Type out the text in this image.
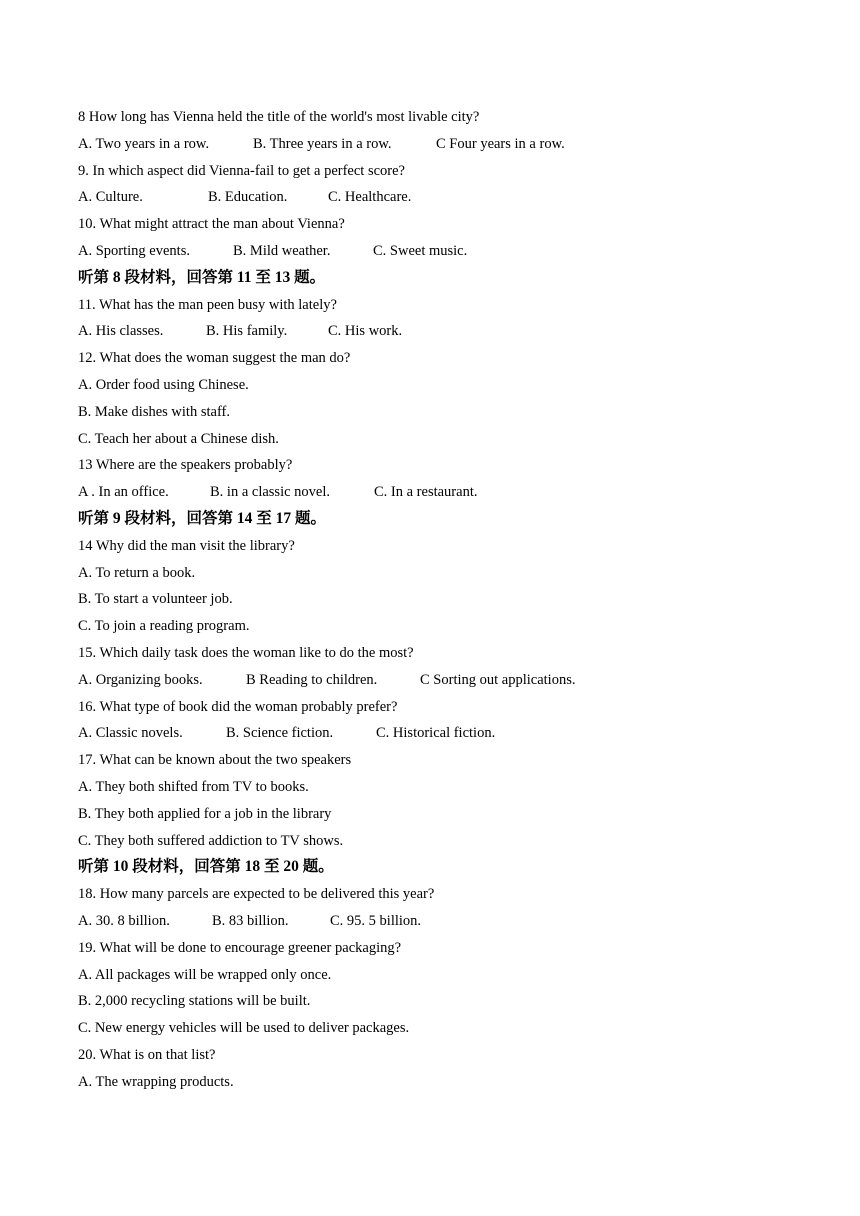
8 How long has Vienna held the title of the world's most livable city?
A. Two years in a row.	B. Three years in a row.	C Four years in a row.
9. In which aspect did Vienna-fail to get a perfect score?
A. Culture.	B. Education.	C. Healthcare.
10. What might attract the man about Vienna?
A. Sporting events.	B. Mild weather.	C. Sweet music.
听第 8 段材料，回答第 11 至 13 题。
11. What has the man peen busy with lately?
A. His classes.	B. His family.	C. His work.
12. What does the woman suggest the man do?
A. Order food using Chinese.
B. Make dishes with staff.
C. Teach her about a Chinese dish.
13 Where are the speakers probably?
A . In an office.	B. in a classic novel.	C. In a restaurant.
听第 9 段材料，回答第 14 至 17 题。
14 Why did the man visit the library?
A. To return a book.
B. To start a volunteer job.
C. To join a reading program.
15. Which daily task does the woman like to do the most?
A. Organizing books.	B Reading to children.	C Sorting out applications.
16. What type of book did the woman probably prefer?
A. Classic novels.	B. Science fiction.	C. Historical fiction.
17. What can be known about the two speakers
A. They both shifted from TV to books.
B. They both applied for a job in the library
C. They both suffered addiction to TV shows.
听第 10 段材料，回答第 18 至 20 题。
18. How many parcels are expected to be delivered this year?
A. 30. 8 billion.	B. 83 billion.	C. 95. 5 billion.
19. What will be done to encourage greener packaging?
A. All packages will be wrapped only once.
B. 2,000 recycling stations will be built.
C. New energy vehicles will be used to deliver packages.
20. What is on that list?
A. The wrapping products.
